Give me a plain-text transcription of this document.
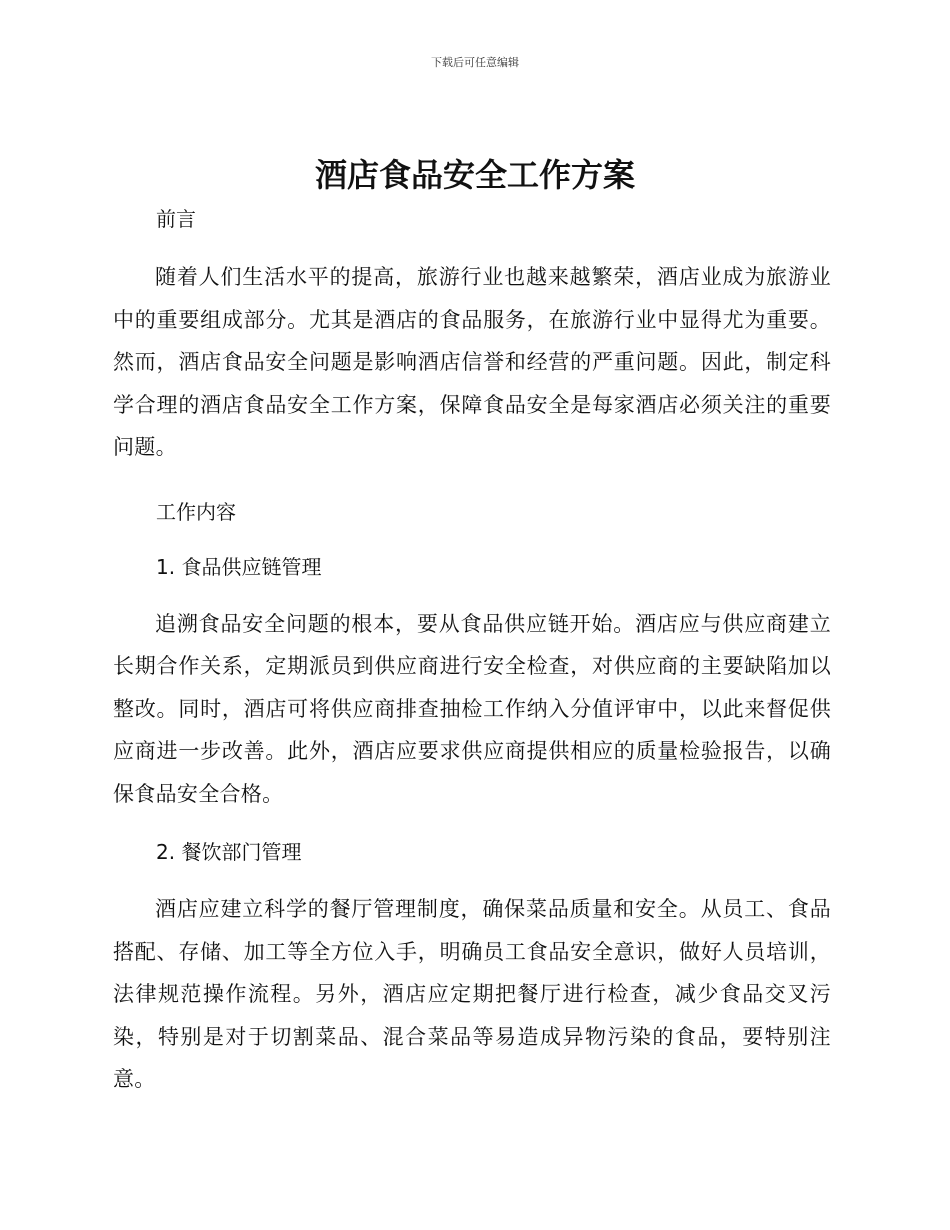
下载后可任意编辑
酒店食品安全工作方案
前言

随着人们生活水平的提高，旅游行业也越来越繁荣，酒店业成为旅游业中的重要组成部分。尤其是酒店的食品服务，在旅游行业中显得尤为重要。然而，酒店食品安全问题是影响酒店信誉和经营的严重问题。因此，制定科学合理的酒店食品安全工作方案，保障食品安全是每家酒店必须关注的重要问题。

工作内容
1. 食品供应链管理

追溯食品安全问题的根本，要从食品供应链开始。酒店应与供应商建立长期合作关系，定期派员到供应商进行安全检查，对供应商的主要缺陷加以整改。同时，酒店可将供应商排查抽检工作纳入分值评审中，以此来督促供应商进一步改善。此外，酒店应要求供应商提供相应的质量检验报告，以确保食品安全合格。

2. 餐饮部门管理

酒店应建立科学的餐厅管理制度，确保菜品质量和安全。从员工、食品搭配、存储、加工等全方位入手，明确员工食品安全意识，做好人员培训，法律规范操作流程。另外，酒店应定期把餐厅进行检查，减少食品交叉污染，特别是对于切割菜品、混合菜品等易造成异物污染的食品，要特别注意。
